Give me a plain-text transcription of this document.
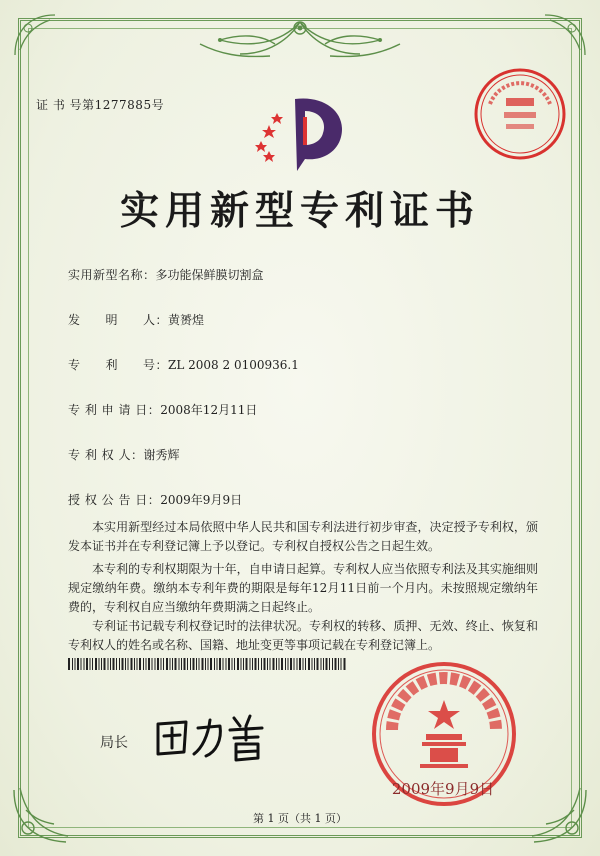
证 书 号第1277885号
实用新型专利证书
实用新型名称：多功能保鲜膜切割盒
发　　明　　人：黄赟煌
专　　利　　号：ZL 2008 2 0100936.1
专 利 申 请 日：2008年12月11日
专 利 权 人：谢秀辉
授 权 公 告 日：2009年9月9日

本实用新型经过本局依照中华人民共和国专利法进行初步审查，决定授予专利权，颁发本证书并在专利登记簿上予以登记。专利权自授权公告之日起生效。

本专利的专利权期限为十年，自申请日起算。专利权人应当依照专利法及其实施细则规定缴纳年费。缴纳本专利年费的期限是每年12月11日前一个月内。未按照规定缴纳年费的，专利权自应当缴纳年费期满之日起终止。

专利证书记载专利权登记时的法律状况。专利权的转移、质押、无效、终止、恢复和专利权人的姓名或名称、国籍、地址变更等事项记载在专利登记簿上。

局长
2009年9月9日
第 1 页（共 1 页）
